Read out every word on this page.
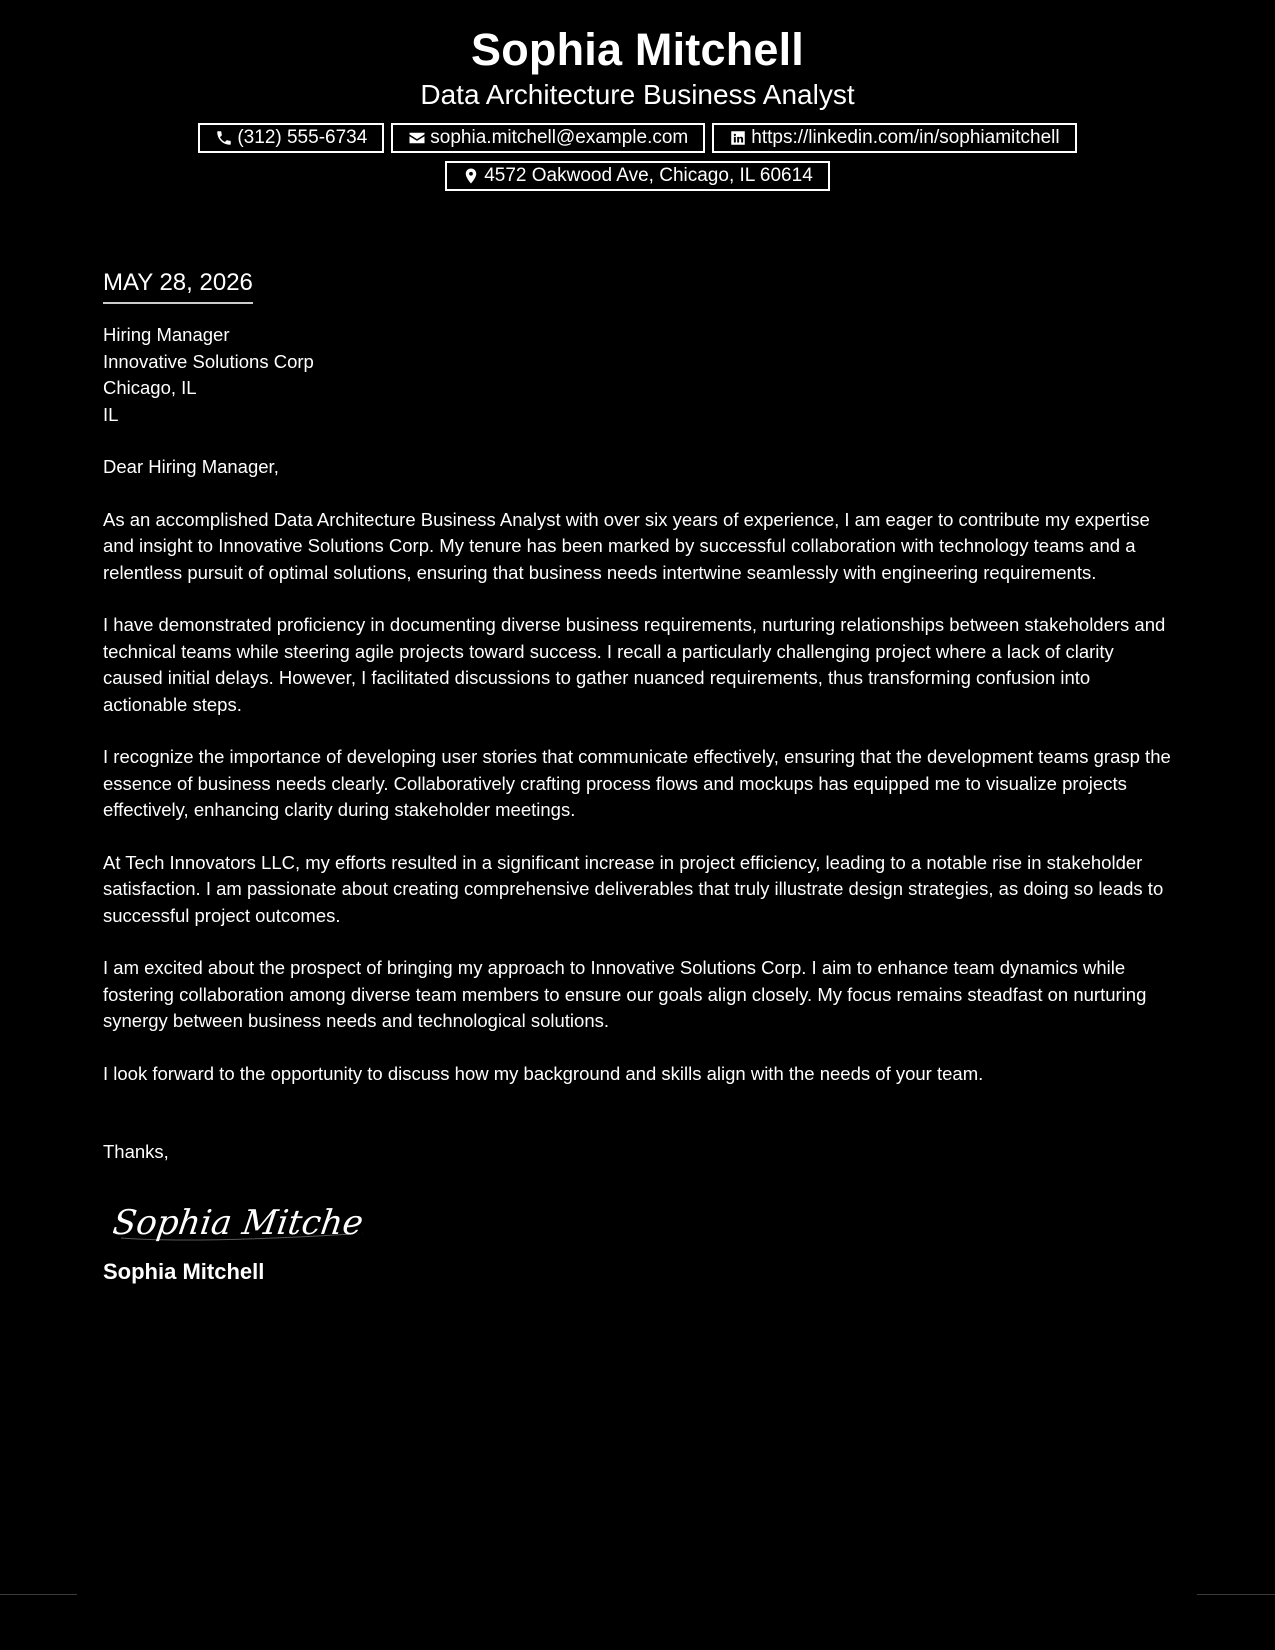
Sophia Mitchell
Data Architecture Business Analyst
(312) 555-6734	sophia.mitchell@example.com	https://linkedin.com/in/sophiamitchell
4572 Oakwood Ave, Chicago, IL 60614
MAY 28, 2026
Hiring Manager
Innovative Solutions Corp
Chicago, IL
IL
Dear Hiring Manager,

As an accomplished Data Architecture Business Analyst with over six years of experience, I am eager to contribute my expertise and insight to Innovative Solutions Corp. My tenure has been marked by successful collaboration with technology teams and a relentless pursuit of optimal solutions, ensuring that business needs intertwine seamlessly with engineering requirements.

I have demonstrated proficiency in documenting diverse business requirements, nurturing relationships between stakeholders and technical teams while steering agile projects toward success. I recall a particularly challenging project where a lack of clarity caused initial delays. However, I facilitated discussions to gather nuanced requirements, thus transforming confusion into actionable steps.

I recognize the importance of developing user stories that communicate effectively, ensuring that the development teams grasp the essence of business needs clearly. Collaboratively crafting process flows and mockups has equipped me to visualize projects effectively, enhancing clarity during stakeholder meetings.

At Tech Innovators LLC, my efforts resulted in a significant increase in project efficiency, leading to a notable rise in stakeholder satisfaction. I am passionate about creating comprehensive deliverables that truly illustrate design strategies, as doing so leads to successful project outcomes.

I am excited about the prospect of bringing my approach to Innovative Solutions Corp. I aim to enhance team dynamics while fostering collaboration among diverse team members to ensure our goals align closely. My focus remains steadfast on nurturing synergy between business needs and technological solutions.

I look forward to the opportunity to discuss how my background and skills align with the needs of your team.

Thanks,
Sophia Mitchell
Sophia Mitchell
